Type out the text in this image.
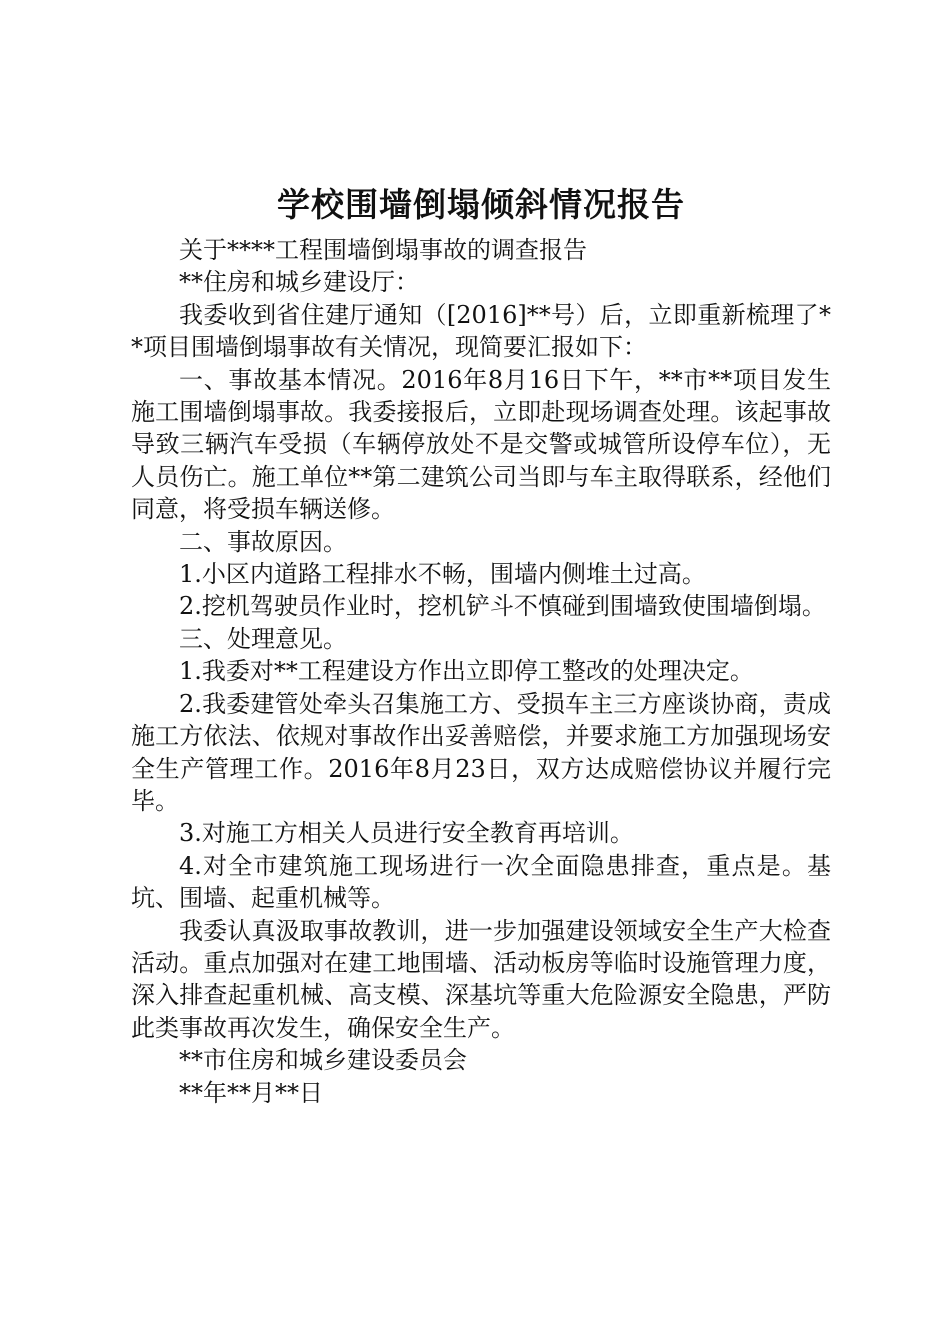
学校围墙倒塌倾斜情况报告

关于****工程围墙倒塌事故的调查报告

**住房和城乡建设厅：

我委收到省住建厅通知（[2016]**号）后，立即重新梳理了**项目围墙倒塌事故有关情况，现简要汇报如下：

一、事故基本情况。2016年8月16日下午，**市**项目发生施工围墙倒塌事故。我委接报后，立即赴现场调查处理。该起事故导致三辆汽车受损（车辆停放处不是交警或城管所设停车位），无人员伤亡。施工单位**第二建筑公司当即与车主取得联系，经他们同意，将受损车辆送修。

二、事故原因。

1.小区内道路工程排水不畅，围墙内侧堆土过高。

2.挖机驾驶员作业时，挖机铲斗不慎碰到围墙致使围墙倒塌。

三、处理意见。

1.我委对**工程建设方作出立即停工整改的处理决定。

2.我委建管处牵头召集施工方、受损车主三方座谈协商，责成施工方依法、依规对事故作出妥善赔偿，并要求施工方加强现场安全生产管理工作。2016年8月23日，双方达成赔偿协议并履行完毕。

3.对施工方相关人员进行安全教育再培训。

4.对全市建筑施工现场进行一次全面隐患排查，重点是。基坑、围墙、起重机械等。

我委认真汲取事故教训，进一步加强建设领域安全生产大检查活动。重点加强对在建工地围墙、活动板房等临时设施管理力度，深入排查起重机械、高支模、深基坑等重大危险源安全隐患，严防此类事故再次发生，确保安全生产。

**市住房和城乡建设委员会

**年**月**日
